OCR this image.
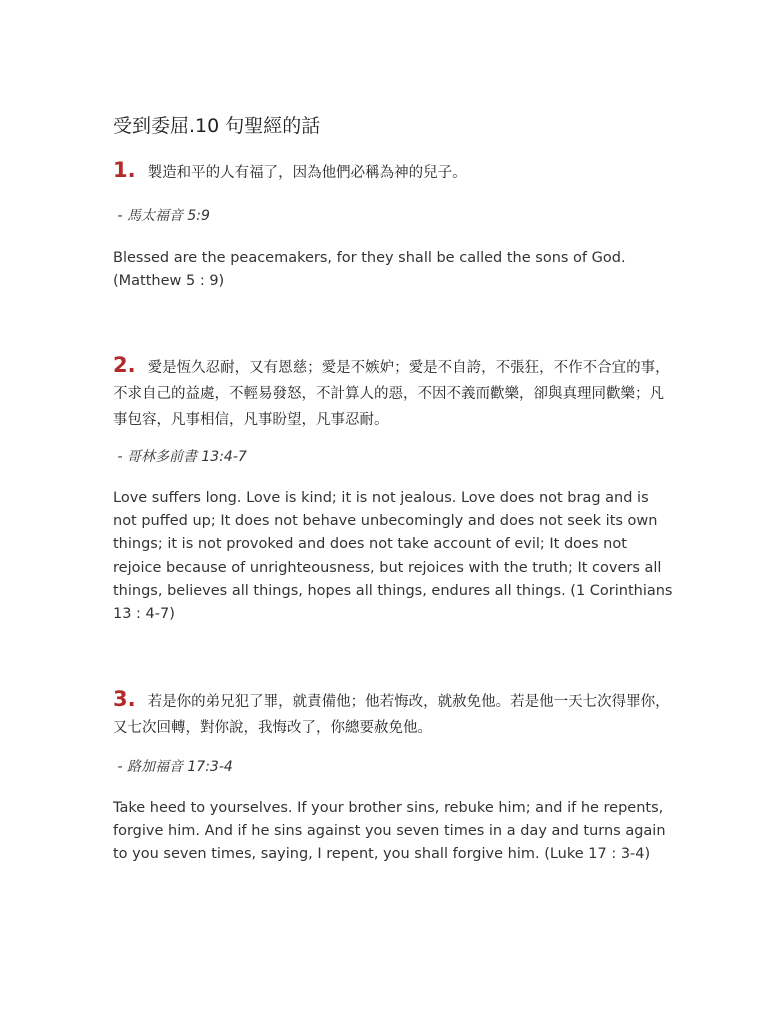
受到委屈.10 句聖經的話
1. 製造和平的人有福了，因為他們必稱為神的兒子。
- 馬太福音 5:9
Blessed are the peacemakers, for they shall be called the sons of God. (Matthew 5 : 9)
2. 愛是恆久忍耐，又有恩慈；愛是不嫉妒；愛是不自誇，不張狂，不作不合宜的事，不求自己的益處，不輕易發怒，不計算人的惡，不因不義而歡樂，卻與真理同歡樂；凡事包容，凡事相信，凡事盼望，凡事忍耐。
- 哥林多前書 13:4-7
Love suffers long. Love is kind; it is not jealous. Love does not brag and is not puffed up; It does not behave unbecomingly and does not seek its own things; it is not provoked and does not take account of evil; It does not rejoice because of unrighteousness, but rejoices with the truth; It covers all things, believes all things, hopes all things, endures all things. (1 Corinthians 13 : 4-7)
3. 若是你的弟兄犯了罪，就責備他；他若悔改，就赦免他。若是他一天七次得罪你，又七次回轉，對你說，我悔改了，你總要赦免他。
- 路加福音 17:3-4
Take heed to yourselves. If your brother sins, rebuke him; and if he repents, forgive him. And if he sins against you seven times in a day and turns again to you seven times, saying, I repent, you shall forgive him. (Luke 17 : 3-4)
